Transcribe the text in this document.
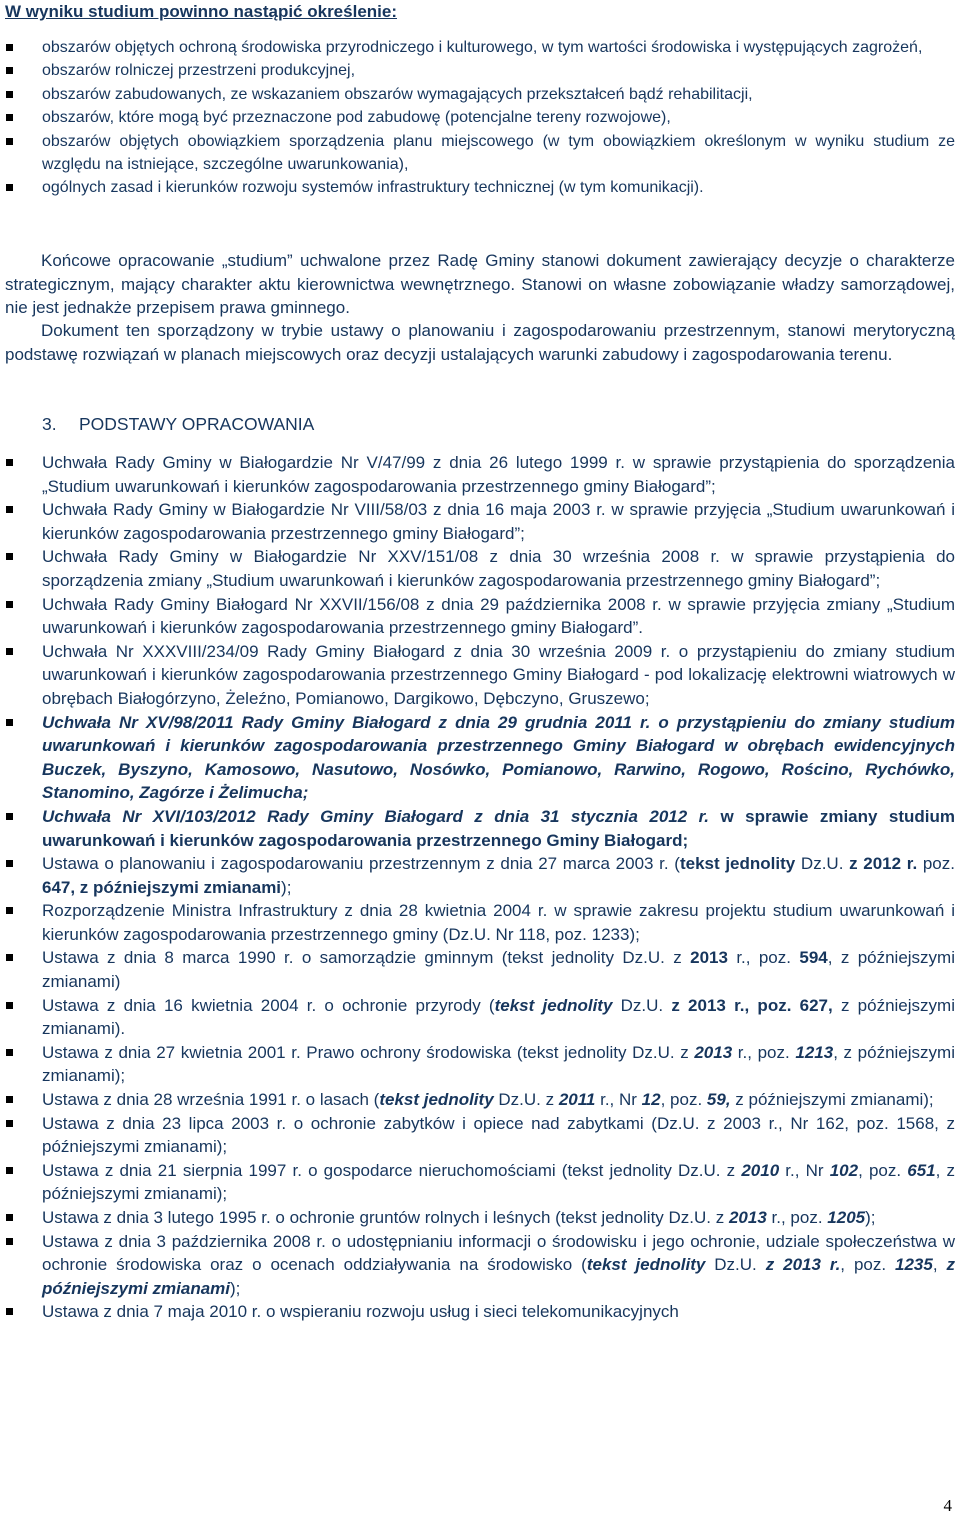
W wyniku studium powinno nastąpić określenie:
obszarów objętych ochroną środowiska przyrodniczego i kulturowego, w tym wartości środowiska i występujących zagrożeń,
obszarów rolniczej przestrzeni produkcyjnej,
obszarów zabudowanych, ze wskazaniem obszarów wymagających przekształceń bądź rehabilitacji,
obszarów, które mogą być przeznaczone pod zabudowę (potencjalne tereny rozwojowe),
obszarów objętych obowiązkiem sporządzenia planu miejscowego (w tym obowiązkiem określonym w wyniku studium ze względu na istniejące, szczególne uwarunkowania),
ogólnych zasad i kierunków rozwoju systemów infrastruktury technicznej (w tym komunikacji).

Końcowe opracowanie „studium” uchwalone przez Radę Gminy stanowi dokument zawierający decyzje o charakterze strategicznym, mający charakter aktu kierownictwa wewnętrznego. Stanowi on własne zobowiązanie władzy samorządowej, nie jest jednakże przepisem prawa gminnego.

Dokument ten sporządzony w trybie ustawy o planowaniu i zagospodarowaniu przestrzennym, stanowi merytoryczną podstawę rozwiązań w planach miejscowych oraz decyzji ustalających warunki zabudowy i zagospodarowania terenu.

3. PODSTAWY OPRACOWANIA
Uchwała Rady Gminy w Białogardzie Nr V/47/99 z dnia 26 lutego 1999 r. w sprawie przystąpienia do sporządzenia „Studium uwarunkowań i kierunków zagospodarowania przestrzennego gminy Białogard”;
Uchwała Rady Gminy w Białogardzie Nr VIII/58/03 z dnia 16 maja 2003 r. w sprawie przyjęcia „Studium uwarunkowań i kierunków zagospodarowania przestrzennego gminy Białogard”;
Uchwała Rady Gminy w Białogardzie Nr XXV/151/08 z dnia 30 września 2008 r. w sprawie przystąpienia do sporządzenia zmiany „Studium uwarunkowań i kierunków zagospodarowania przestrzennego gminy Białogard”;
Uchwała Rady Gminy Białogard Nr XXVII/156/08 z dnia 29 października 2008 r. w sprawie przyjęcia zmiany „Studium uwarunkowań i kierunków zagospodarowania przestrzennego gminy Białogard”.
Uchwała Nr XXXVIII/234/09 Rady Gminy Białogard z dnia 30 września 2009 r. o przystąpieniu do zmiany studium uwarunkowań i kierunków zagospodarowania przestrzennego Gminy Białogard - pod lokalizację elektrowni wiatrowych w obrębach Białogórzyno, Żeleźno, Pomianowo, Dargikowo, Dębczyno, Gruszewo;
Uchwała Nr XV/98/2011 Rady Gminy Białogard z dnia 29 grudnia 2011 r. o przystąpieniu do zmiany studium uwarunkowań i kierunków zagospodarowania przestrzennego Gminy Białogard w obrębach ewidencyjnych Buczek, Byszyno, Kamosowo, Nasutowo, Nosówko, Pomianowo, Rarwino, Rogowo, Rościno, Rychówko, Stanomino, Zagórze i Żelimucha;
Uchwała Nr XVI/103/2012 Rady Gminy Białogard z dnia 31 stycznia 2012 r. w sprawie zmiany studium uwarunkowań i kierunków zagospodarowania przestrzennego Gminy Białogard;
Ustawa o planowaniu i zagospodarowaniu przestrzennym z dnia 27 marca 2003 r. (tekst jednolity Dz.U. z 2012 r. poz. 647, z późniejszymi zmianami);
Rozporządzenie Ministra Infrastruktury z dnia 28 kwietnia 2004 r. w sprawie zakresu projektu studium uwarunkowań i kierunków zagospodarowania przestrzennego gminy (Dz.U. Nr 118, poz. 1233);
Ustawa z dnia 8 marca 1990 r. o samorządzie gminnym (tekst jednolity Dz.U. z 2013 r., poz. 594, z późniejszymi zmianami)
Ustawa z dnia 16 kwietnia 2004 r. o ochronie przyrody (tekst jednolity Dz.U. z 2013 r., poz. 627, z późniejszymi zmianami).
Ustawa z dnia 27 kwietnia 2001 r. Prawo ochrony środowiska (tekst jednolity Dz.U. z 2013 r., poz. 1213, z późniejszymi zmianami);
Ustawa z dnia 28 września 1991 r. o lasach (tekst jednolity Dz.U. z 2011 r., Nr 12, poz. 59, z późniejszymi zmianami);
Ustawa z dnia 23 lipca 2003 r. o ochronie zabytków i opiece nad zabytkami (Dz.U. z 2003 r., Nr 162, poz. 1568, z późniejszymi zmianami);
Ustawa z dnia 21 sierpnia 1997 r. o gospodarce nieruchomościami (tekst jednolity Dz.U. z 2010 r., Nr 102, poz. 651, z późniejszymi zmianami);
Ustawa z dnia 3 lutego 1995 r. o ochronie gruntów rolnych i leśnych (tekst jednolity Dz.U. z 2013 r., poz. 1205);
Ustawa z dnia 3 października 2008 r. o udostępnianiu informacji o środowisku i jego ochronie, udziale społeczeństwa w ochronie środowiska oraz o ocenach oddziaływania na środowisko (tekst jednolity Dz.U. z 2013 r., poz. 1235, z późniejszymi zmianami);
Ustawa z dnia 7 maja 2010 r. o wspieraniu rozwoju usług i sieci telekomunikacyjnych
4
